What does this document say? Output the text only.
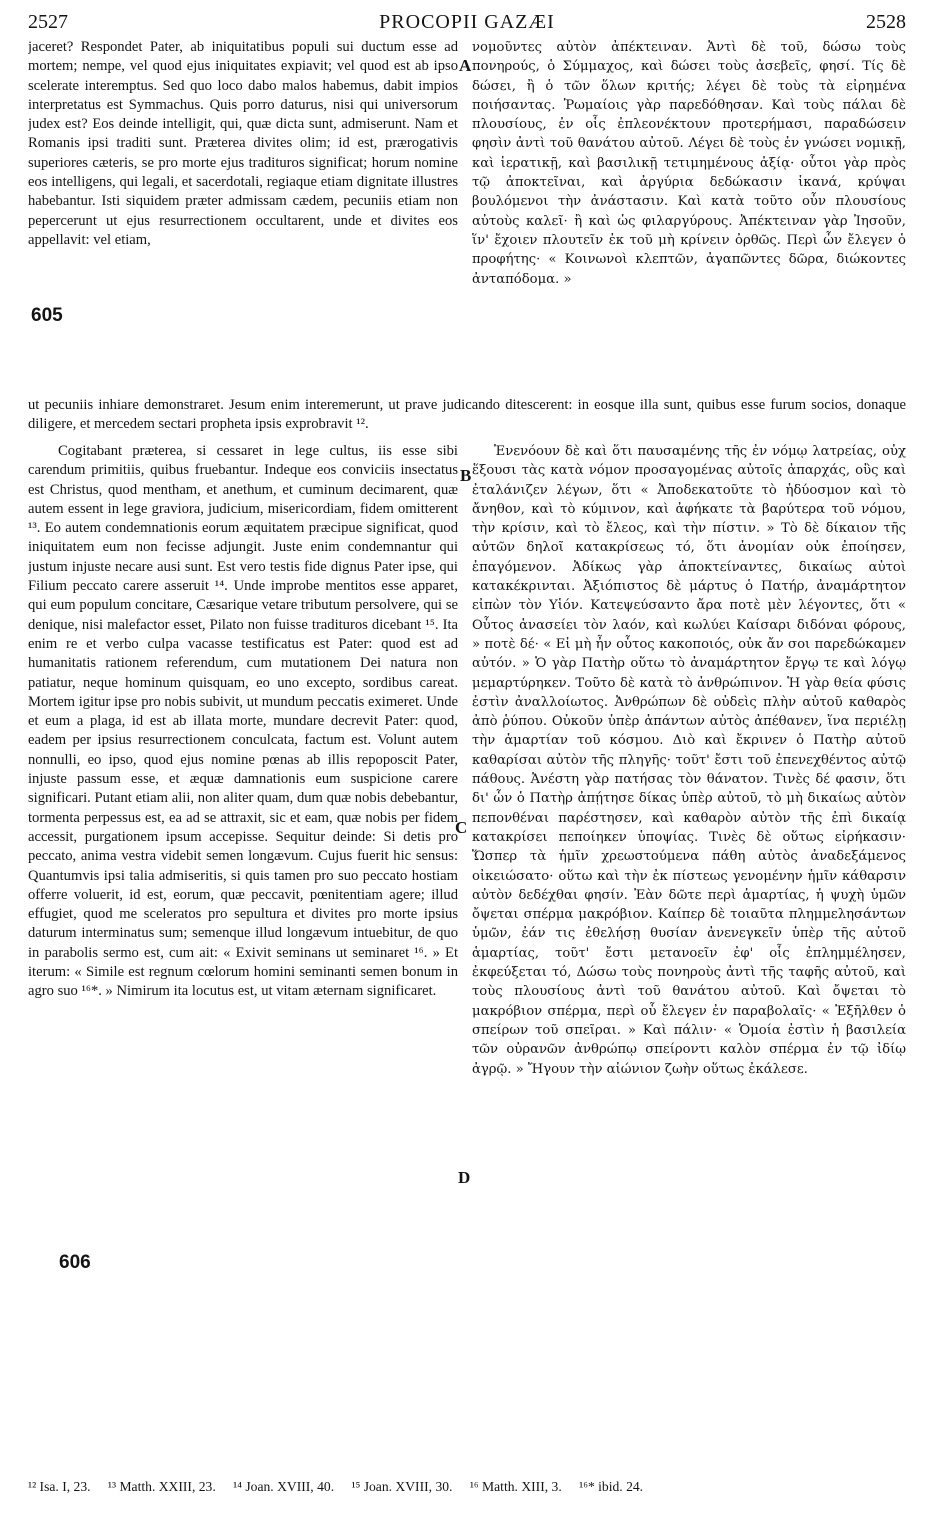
2527	PROCOPII GAZÆI	2528

jaceret? Respondet Pater, ab iniquitatibus populi sui ductum esse ad mortem; nempe, vel quod ejus iniquitates expiavit; vel quod est ab ipso scelerate interemptus. Sed quo loco dabo malos habemus, dabit impios interpretatus est Symmachus. Quis porro daturus, nisi qui universorum judex est? Eos deinde intelligit, qui, quæ dicta sunt, admiserunt. Nam et Romanis ipsi traditi sunt. Præterea divites olim; id est, prærogativis superiores cæteris, se pro morte ejus tradituros significat; horum nomine eos intelligens, qui legali, et sacerdotali, regiaque etiam dignitate illustres habebantur. Isti siquidem præter admissam cædem, pecuniis etiam non pepercerunt ut ejus resurrectionem occultarent, unde et divites eos appellavit: vel etiam,

νομοῦντες αὐτὸν ἀπέκτειναν. Ἀντὶ δὲ τοῦ, δώσω τοὺς πονηρούς, ὁ Σύμμαχος, καὶ δώσει τοὺς ἀσεβεῖς, φησί. Τίς δὲ δώσει, ἢ ὁ τῶν ὅλων κριτής; λέγει δὲ τοὺς τὰ εἰρημένα ποιήσαντας. Ῥωμαίοις γὰρ παρεδόθησαν. Καὶ τοὺς πάλαι δὲ πλουσίους, ἐν οἷς ἐπλεονέκτουν προτερήμασι, παραδώσειν φησὶν ἀντὶ τοῦ θανάτου αὐτοῦ. Λέγει δὲ τοὺς ἐν γνώσει νομικῇ, καὶ ἱερατικῇ, καὶ βασιλικῇ τετιμημένους ἀξίᾳ· οὗτοι γὰρ πρὸς τῷ ἀποκτεῖναι, καὶ ἀργύρια δεδώκασιν ἱκανά, κρύψαι βουλόμενοι τὴν ἀνάστασιν. Καὶ κατὰ τοῦτο οὖν πλουσίους αὐτοὺς καλεῖ· ἢ καὶ ὡς φιλαργύρους. Ἀπέκτειναν γὰρ Ἰησοῦν, ἵν' ἔχοιεν πλουτεῖν ἐκ τοῦ μὴ κρίνειν ὀρθῶς. Περὶ ὧν ἔλεγεν ὁ προφήτης· « Κοινωνοὶ κλεπτῶν, ἀγαπῶντες δῶρα, διώκοντες ἀνταπόδομα. »

A
605

ut pecuniis inhiare demonstraret. Jesum enim interemerunt, ut prave judicando ditescerent: in eosque illa sunt, quibus esse furum socios, donaque diligere, et mercedem sectari propheta ipsis exprobravit ¹².

Cogitabant præterea, si cessaret in lege cultus, iis esse sibi carendum primitiis, quibus fruebantur. Indeque eos conviciis insectatus est Christus, quod mentham, et anethum, et cuminum decimarent, quæ autem essent in lege graviora, judicium, misericordiam, fidem omitterent ¹³. Eo autem condemnationis eorum æquitatem præcipue significat, quod iniquitatem eum non fecisse adjungit. Juste enim condemnantur qui justum injuste necare ausi sunt. Est vero testis fide dignus Pater ipse, qui Filium peccato carere asseruit ¹⁴. Unde improbe mentitos esse apparet, qui eum populum concitare, Cæsarique vetare tributum persolvere, qui se denique, nisi malefactor esset, Pilato non fuisse tradituros dicebant ¹⁵. Ita enim re et verbo culpa vacasse testificatus est Pater: quod est ad humanitatis rationem referendum, cum mutationem Dei natura non patiatur, neque hominum quisquam, eo uno excepto, sordibus careat. Mortem igitur ipse pro nobis subivit, ut mundum peccatis eximeret. Unde et eum a plaga, id est ab illata morte, mundare decrevit Pater: quod, eadem per ipsius resurrectionem conculcata, factum est. Volunt autem nonnulli, eo ipso, quod ejus nomine pœnas ab illis repoposcit Pater, injuste passum esse, et æquæ damnationis eum suspicione carere significari. Putant etiam alii, non aliter quam, dum quæ nobis debebantur, tormenta perpessus est, ea ad se attraxit, sic et eam, quæ nobis per fidem accessit, purgationem ipsum accepisse. Sequitur deinde: Si detis pro peccato, anima vestra videbit semen longævum. Cujus fuerit hic sensus: Quantumvis ipsi talia admiseritis, si quis tamen pro suo peccato hostiam offerre voluerit, id est, eorum, quæ peccavit, pœnitentiam agere; illud effugiet, quod me sceleratos pro sepultura et divites pro morte ipsius daturum interminatus sum; semenque illud longævum intuebitur, de quo in parabolis sermo est, cum ait: « Exivit seminans ut seminaret ¹⁶. » Et iterum: « Simile est regnum cœlorum homini seminanti semen bonum in agro suo ¹⁶*. » Nimirum ita locutus est, ut vitam æternam significaret.

Ἐνενόουν δὲ καὶ ὅτι παυσαμένης τῆς ἐν νόμῳ λατρείας, οὐχ ἕξουσι τὰς κατὰ νόμον προσαγομένας αὐτοῖς ἀπαρχάς, οὓς καὶ ἐταλάνιζεν λέγων, ὅτι « Ἀποδεκατοῦτε τὸ ἡδύοσμον καὶ τὸ ἄνηθον, καὶ τὸ κύμινον, καὶ ἀφήκατε τὰ βαρύτερα τοῦ νόμου, τὴν κρίσιν, καὶ τὸ ἔλεος, καὶ τὴν πίστιν. » Τὸ δὲ δίκαιον τῆς αὐτῶν δηλοῖ κατακρίσεως τό, ὅτι ἀνομίαν οὐκ ἐποίησεν, ἐπαγόμενον. Ἀδίκως γὰρ ἀποκτείναντες, δικαίως αὐτοὶ κατακέκρινται. Ἀξιόπιστος δὲ μάρτυς ὁ Πατήρ, ἀναμάρτητον εἰπὼν τὸν Υἱόν. Κατεψεύσαντο ἄρα ποτὲ μὲν λέγοντες, ὅτι « Οὗτος ἀνασείει τὸν λαόν, καὶ κωλύει Καίσαρι διδόναι φόρους, » ποτὲ δέ· « Εἰ μὴ ἦν οὗτος κακοποιός, οὐκ ἄν σοι παρεδώκαμεν αὐτόν. » Ὁ γὰρ Πατὴρ οὕτω τὸ ἀναμάρτητον ἔργῳ τε καὶ λόγῳ μεμαρτύρηκεν. Τοῦτο δὲ κατὰ τὸ ἀνθρώπινον. Ἡ γὰρ θεία φύσις ἐστὶν ἀναλλοίωτος. Ἀνθρώπων δὲ οὐδεὶς πλὴν αὐτοῦ καθαρὸς ἀπὸ ῥύπου. Οὐκοῦν ὑπὲρ ἁπάντων αὐτὸς ἀπέθανεν, ἵνα περιέλῃ τὴν ἁμαρτίαν τοῦ κόσμου. Διὸ καὶ ἔκρινεν ὁ Πατὴρ αὐτοῦ καθαρίσαι αὐτὸν τῆς πληγῆς· τοῦτ' ἔστι τοῦ ἐπενεχθέντος αὐτῷ πάθους. Ἀνέστη γὰρ πατήσας τὸν θάνατον. Τινὲς δέ φασιν, ὅτι δι' ὧν ὁ Πατὴρ ἀπῄτησε δίκας ὑπὲρ αὐτοῦ, τὸ μὴ δικαίως αὐτὸν πεπονθέναι παρέστησεν, καὶ καθαρὸν αὐτὸν τῆς ἐπὶ δικαίᾳ κατακρίσει πεποίηκεν ὑποψίας. Τινὲς δὲ οὕτως εἰρήκασιν· Ὥσπερ τὰ ἡμῖν χρεωστούμενα πάθη αὐτὸς ἀναδεξάμενος οἰκειώσατο· οὕτω καὶ τὴν ἐκ πίστεως γενομένην ἡμῖν κάθαρσιν αὐτὸν δεδέχθαι φησίν. Ἐὰν δῶτε περὶ ἁμαρτίας, ἡ ψυχὴ ὑμῶν ὄψεται σπέρμα μακρόβιον. Καίπερ δὲ τοιαῦτα πλημμελησάντων ὑμῶν, ἐάν τις ἐθελήσῃ θυσίαν ἀνενεγκεῖν ὑπὲρ τῆς αὐτοῦ ἁμαρτίας, τοῦτ' ἔστι μετανοεῖν ἐφ' οἷς ἐπλημμέλησεν, ἐκφεύξεται τό, Δώσω τοὺς πονηροὺς ἀντὶ τῆς ταφῆς αὐτοῦ, καὶ τοὺς πλουσίους ἀντὶ τοῦ θανάτου αὐτοῦ. Καὶ ὄψεται τὸ μακρόβιον σπέρμα, περὶ οὗ ἔλεγεν ἐν παραβολαῖς· « Ἐξῆλθεν ὁ σπείρων τοῦ σπεῖραι. » Καὶ πάλιν· « Ὁμοία ἐστὶν ἡ βασιλεία τῶν οὐρανῶν ἀνθρώπῳ σπείροντι καλὸν σπέρμα ἐν τῷ ἰδίῳ ἀγρῷ. » Ἤγουν τὴν αἰώνιον ζωὴν οὕτως ἐκάλεσε.

B
C
D
606
¹² Isa. I, 23. ¹³ Matth. XXIII, 23. ¹⁴ Joan. XVIII, 40. ¹⁵ Joan. XVIII, 30. ¹⁶ Matth. XIII, 3. ¹⁶* ibid. 24.
